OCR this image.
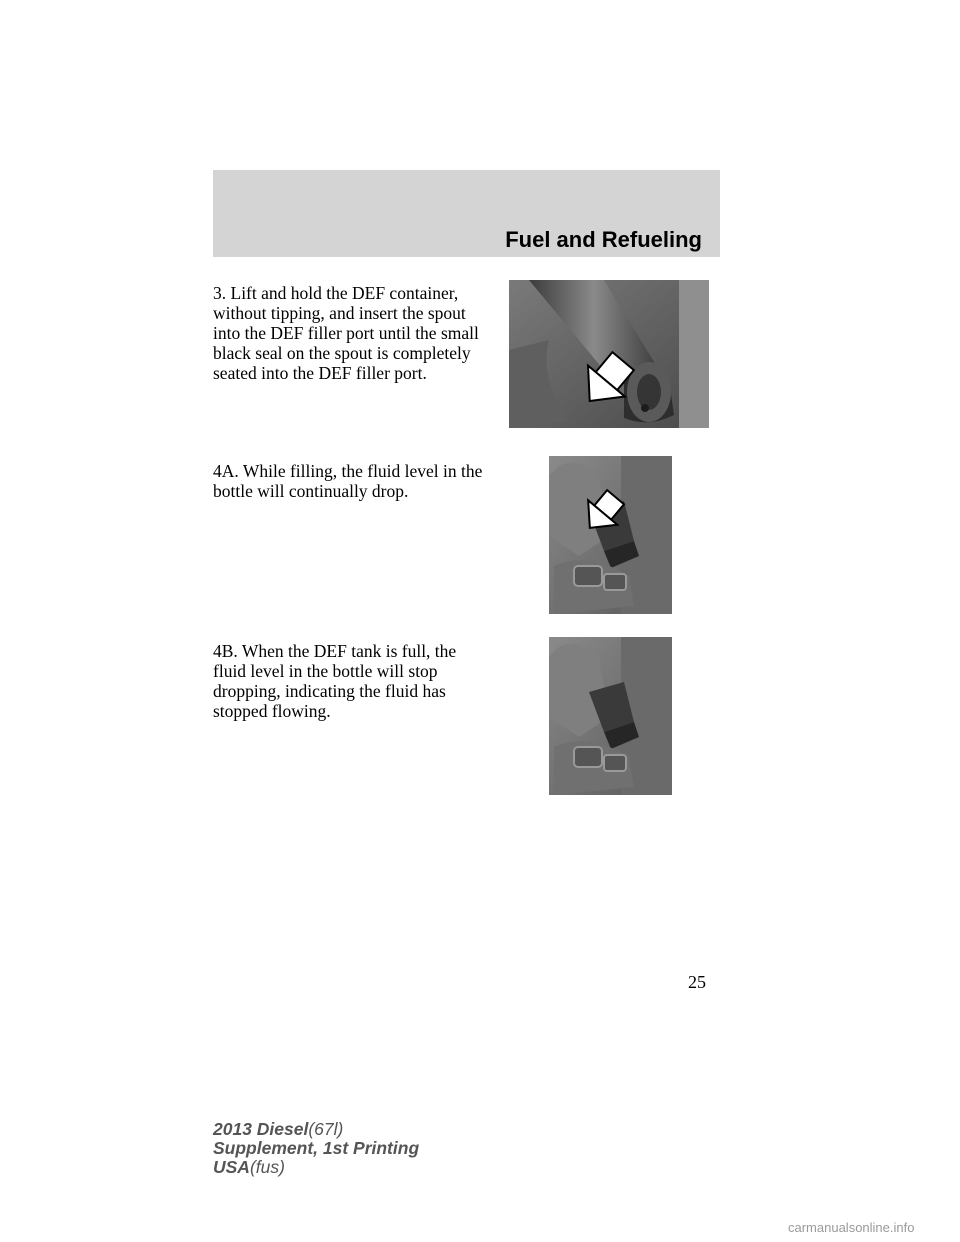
Fuel and Refueling
3. Lift and hold the DEF container, without tipping, and insert the spout into the DEF filler port until the small black seal on the spout is completely seated into the DEF filler port.
4A. While filling, the fluid level in the bottle will continually drop.
4B. When the DEF tank is full, the fluid level in the bottle will stop dropping, indicating the fluid has stopped flowing.
25
2013 Diesel(67l)
Supplement, 1st Printing
USA(fus)
carmanualsonline.info
